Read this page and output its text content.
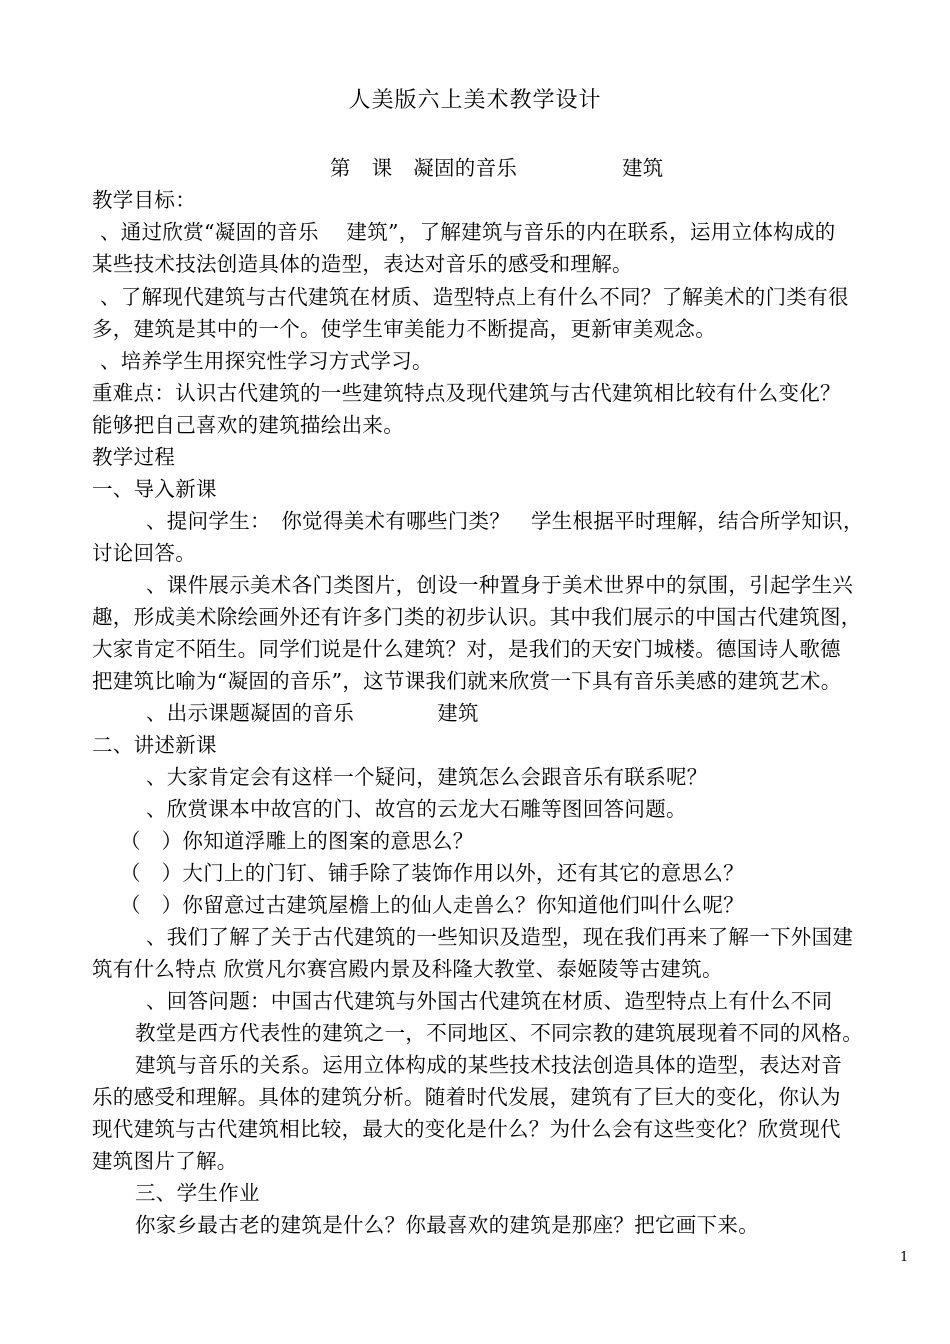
人美版六上美术教学设计
第　课　凝固的音乐	建筑
教学目标：
、通过欣赏“凝固的音乐　 建筑”，了解建筑与音乐的内在联系，运用立体构成的
某些技术技法创造具体的造型，表达对音乐的感受和理解。
、了解现代建筑与古代建筑在材质、造型特点上有什么不同？了解美术的门类有很
多，建筑是其中的一个。使学生审美能力不断提高，更新审美观念。
、培养学生用探究性学习方式学习。
重难点：认识古代建筑的一些建筑特点及现代建筑与古代建筑相比较有什么变化？
能够把自己喜欢的建筑描绘出来。
教学过程
一、导入新课
、提问学生：　你觉得美术有哪些门类？　学生根据平时理解，结合所学知识，
讨论回答。
、课件展示美术各门类图片，创设一种置身于美术世界中的氛围，引起学生兴
趣，形成美术除绘画外还有许多门类的初步认识。其中我们展示的中国古代建筑图，
大家肯定不陌生。同学们说是什么建筑？对，是我们的天安门城楼。德国诗人歌德
把建筑比喻为“凝固的音乐”，这节课我们就来欣赏一下具有音乐美感的建筑艺术。
、出示课题凝固的音乐　　　　建筑
二、讲述新课
、大家肯定会有这样一个疑问，建筑怎么会跟音乐有联系呢？
、欣赏课本中故宫的门、故宫的云龙大石雕等图回答问题。
（　）你知道浮雕上的图案的意思么？
（　）大门上的门钉、铺手除了装饰作用以外，还有其它的意思么？
（　）你留意过古建筑屋檐上的仙人走兽么？你知道他们叫什么呢？
、我们了解了关于古代建筑的一些知识及造型，现在我们再来了解一下外国建
筑有什么特点 欣赏凡尔赛宫殿内景及科隆大教堂、泰姬陵等古建筑。
、回答问题：中国古代建筑与外国古代建筑在材质、造型特点上有什么不同
教堂是西方代表性的建筑之一，不同地区、不同宗教的建筑展现着不同的风格。
建筑与音乐的关系。运用立体构成的某些技术技法创造具体的造型，表达对音
乐的感受和理解。具体的建筑分析。随着时代发展，建筑有了巨大的变化，你认为
现代建筑与古代建筑相比较，最大的变化是什么？为什么会有这些变化？欣赏现代
建筑图片了解。
三、学生作业
你家乡最古老的建筑是什么？你最喜欢的建筑是那座？把它画下来。
1
